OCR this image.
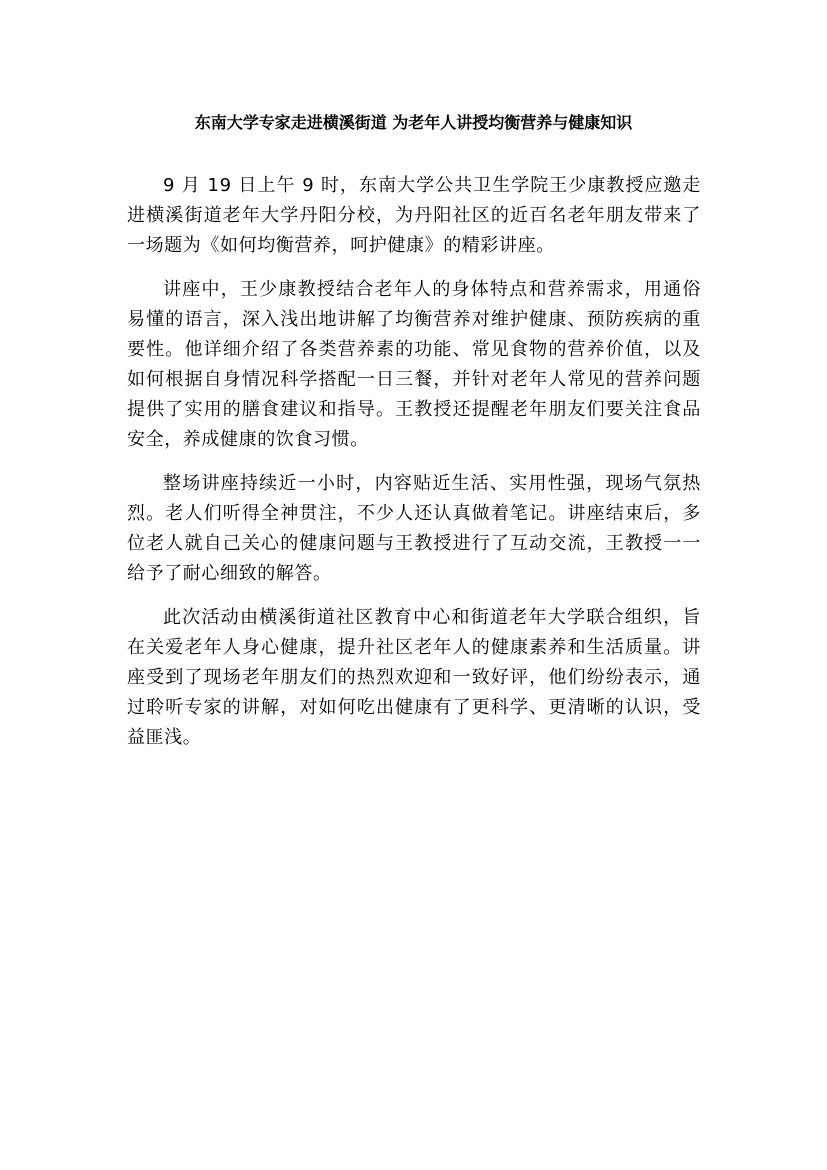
东南大学专家走进横溪街道 为老年人讲授均衡营养与健康知识

9 月 19 日上午 9 时，东南大学公共卫生学院王少康教授应邀走进横溪街道老年大学丹阳分校，为丹阳社区的近百名老年朋友带来了一场题为《如何均衡营养，呵护健康》的精彩讲座。

讲座中，王少康教授结合老年人的身体特点和营养需求，用通俗易懂的语言，深入浅出地讲解了均衡营养对维护健康、预防疾病的重要性。他详细介绍了各类营养素的功能、常见食物的营养价值，以及如何根据自身情况科学搭配一日三餐，并针对老年人常见的营养问题提供了实用的膳食建议和指导。王教授还提醒老年朋友们要关注食品安全，养成健康的饮食习惯。

整场讲座持续近一小时，内容贴近生活、实用性强，现场气氛热烈。老人们听得全神贯注，不少人还认真做着笔记。讲座结束后，多位老人就自己关心的健康问题与王教授进行了互动交流，王教授一一给予了耐心细致的解答。

此次活动由横溪街道社区教育中心和街道老年大学联合组织，旨在关爱老年人身心健康，提升社区老年人的健康素养和生活质量。讲座受到了现场老年朋友们的热烈欢迎和一致好评，他们纷纷表示，通过聆听专家的讲解，对如何吃出健康有了更科学、更清晰的认识，受益匪浅。
